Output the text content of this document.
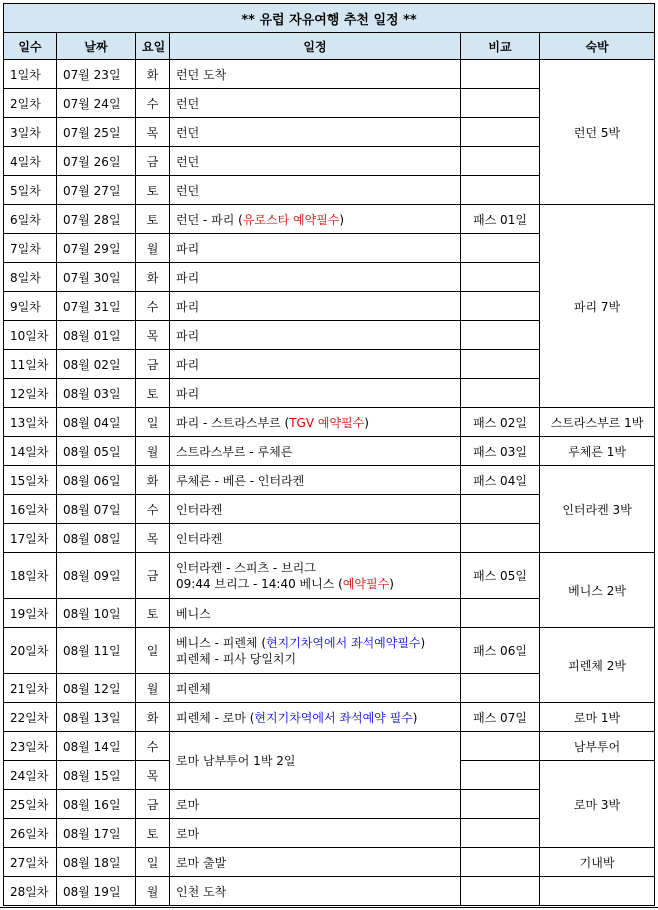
** 유럽 자유여행 추천 일정 **					
일수	날짜	요일	일정	비교	숙박
1일차	07월 23일	화	런던 도착		런던 5박
2일차	07월 24일	수	런던		
3일차	07월 25일	목	런던		
4일차	07월 26일	금	런던		
5일차	07월 27일	토	런던		
6일차	07월 28일	토	런던 - 파리 (유로스타 예약필수)	패스 01일	파리 7박
7일차	07월 29일	월	파리		
8일차	07월 30일	화	파리		
9일차	07월 31일	수	파리		
10일차	08월 01일	목	파리		
11일차	08월 02일	금	파리		
12일차	08월 03일	토	파리		
13일차	08월 04일	일	파리 - 스트라스부르 (TGV 예약필수)	패스 02일	스트라스부르 1박
14일차	08월 05일	월	스트라스부르 - 루체른	패스 03일	루체른 1박
15일차	08월 06일	화	루체른 - 베른 - 인터라켄	패스 04일	인터라켄 3박
16일차	08월 07일	수	인터라켄		
17일차	08월 08일	목	인터라켄		
18일차	08월 09일	금	인터라켄 - 스피츠 - 브리그
09:44 브리그 - 14:40 베니스 (예약필수)	패스 05일	베니스 2박
19일차	08월 10일	토	베니스		
20일차	08월 11일	일	베니스 - 피렌체 (현지기차역에서 좌석예약필수)
피렌체 - 피사 당일치기	패스 06일	피렌체 2박
21일차	08월 12일	월	피렌체		
22일차	08월 13일	화	피렌체 - 로마 (현지기차역에서 좌석예약 필수)	패스 07일	로마 1박
23일차	08월 14일	수	로마 남부투어 1박 2일		남부투어
24일차	08월 15일	목			로마 3박
25일차	08월 16일	금	로마		
26일차	08월 17일	토	로마		
27일차	08월 18일	일	로마 출발		기내박
28일차	08월 19일	월	인천 도착		
